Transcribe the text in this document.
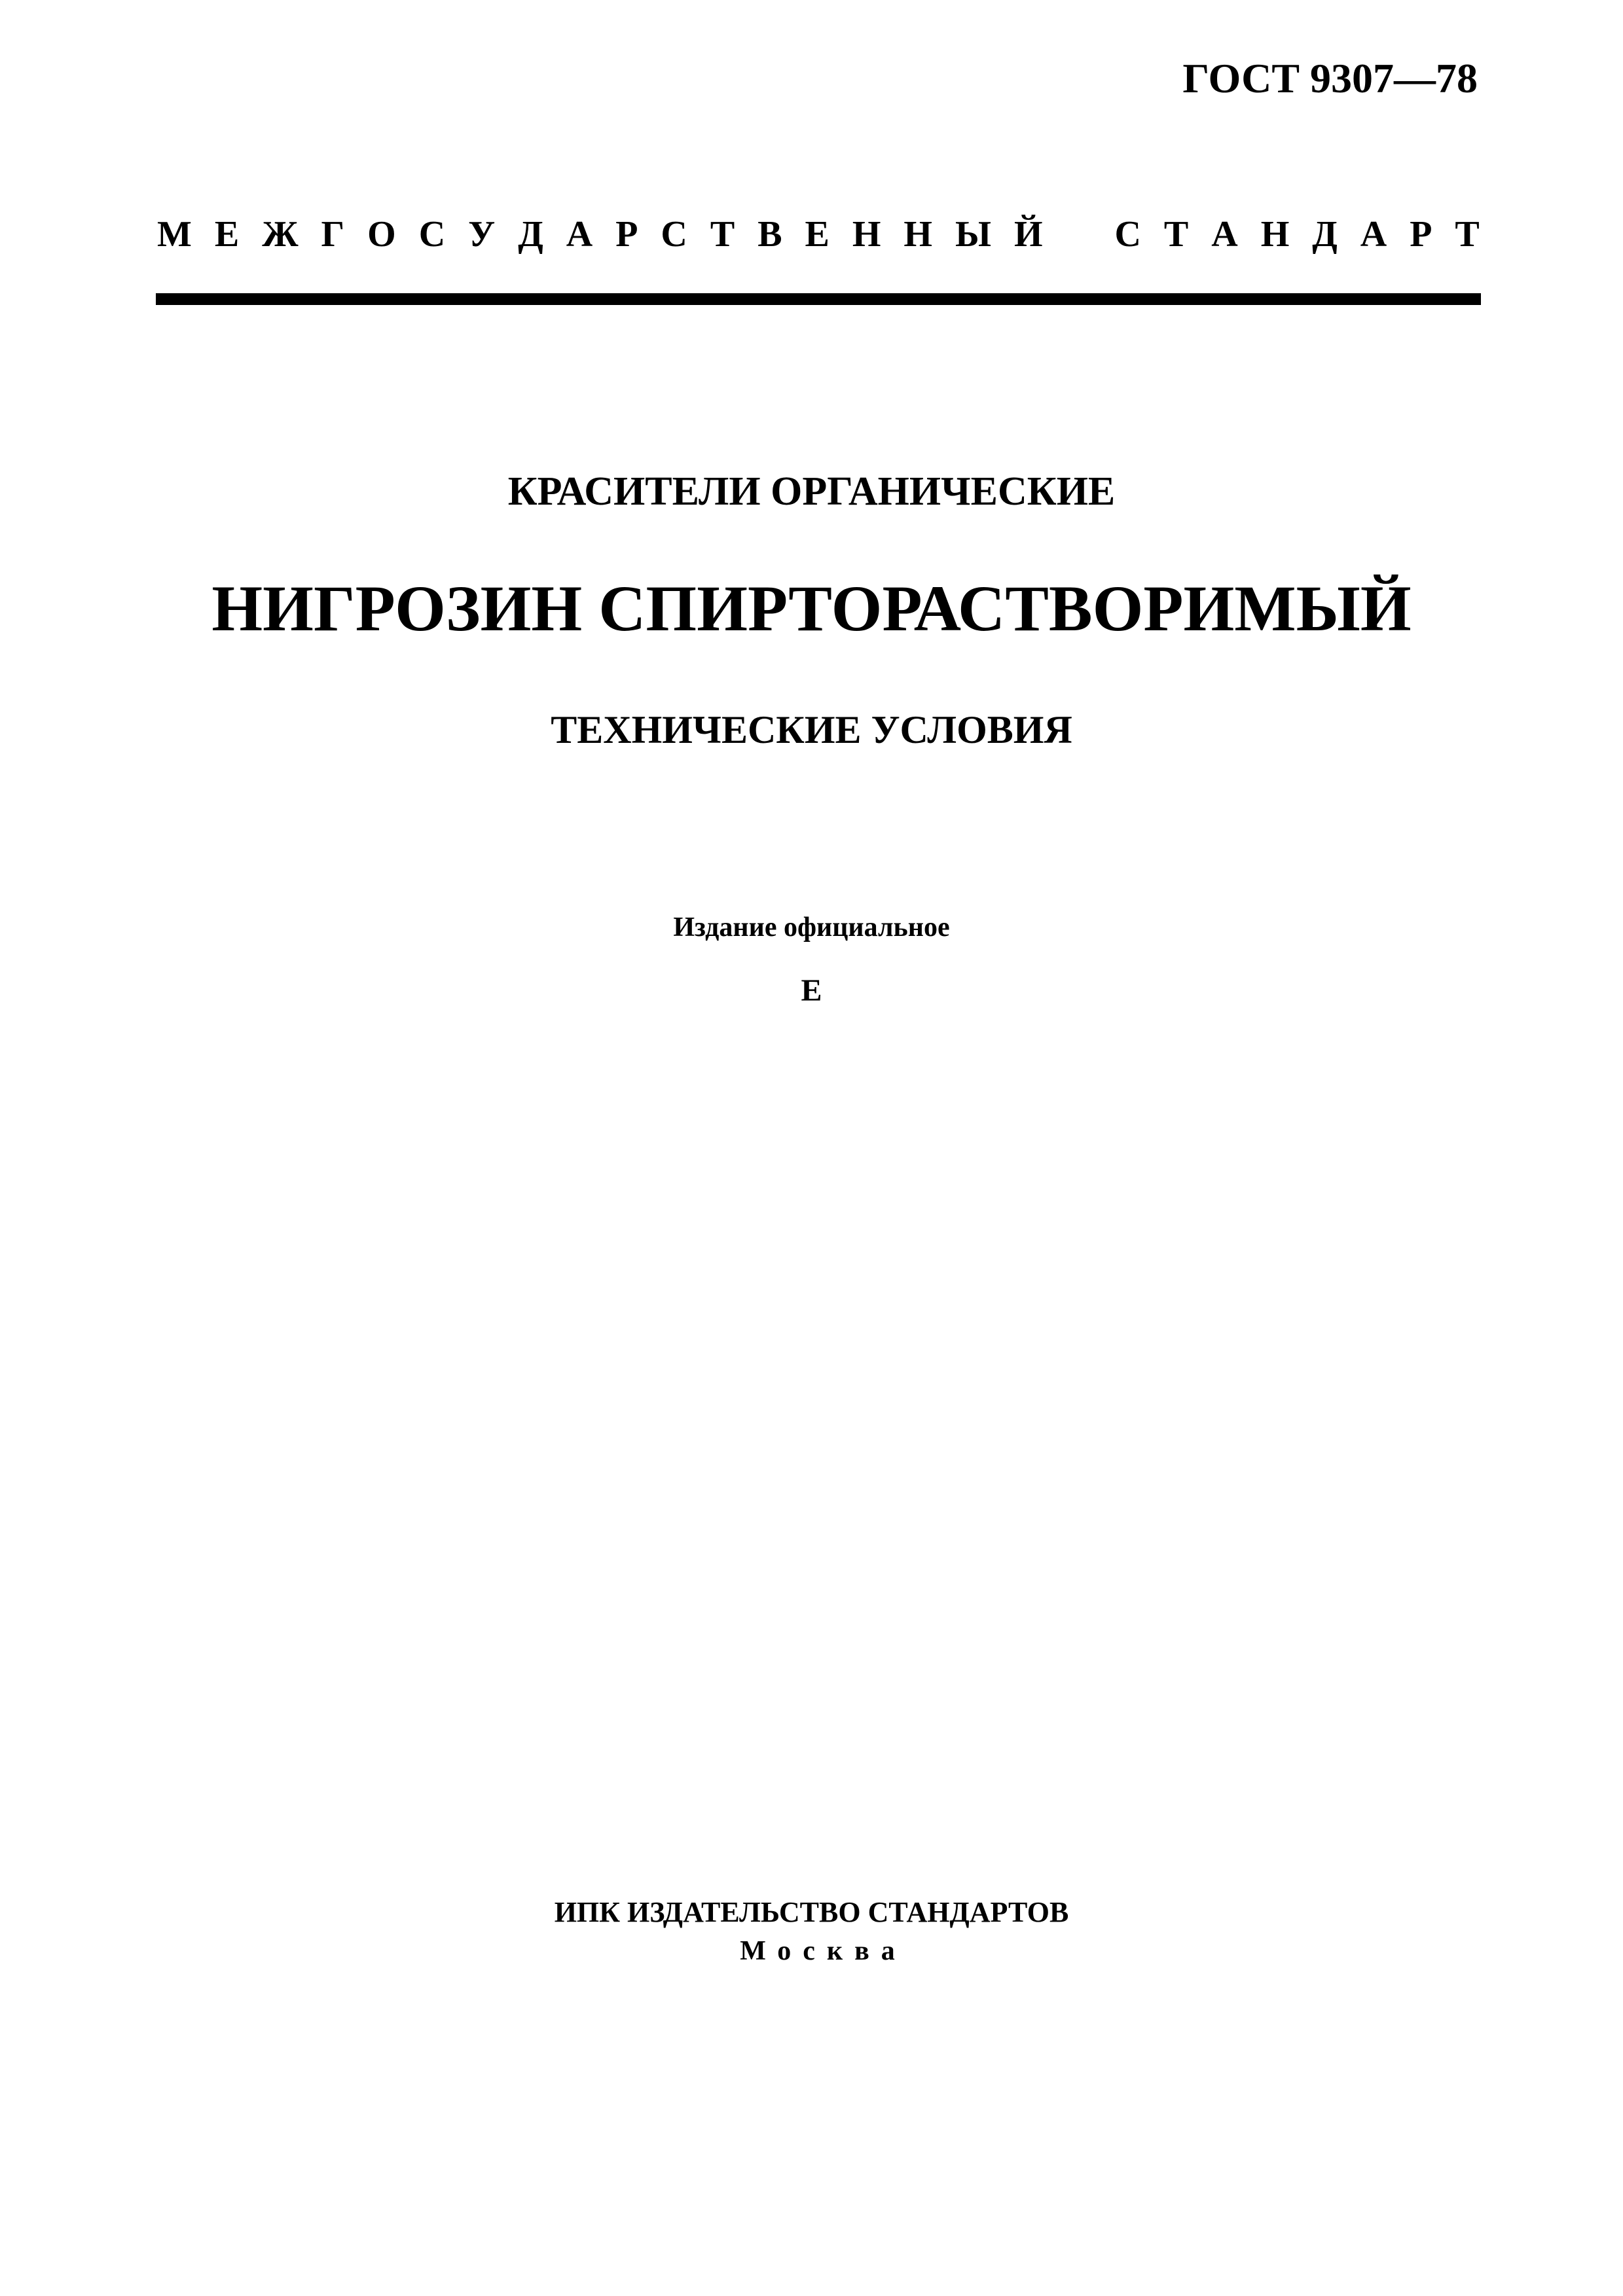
ГОСТ 9307—78
М Е Ж Г О С У Д А Р С Т В Е Н Н Ы Й С Т А Н Д А Р Т
КРАСИТЕЛИ ОРГАНИЧЕСКИЕ
НИГРОЗИН СПИРТОРАСТВОРИМЫЙ
ТЕХНИЧЕСКИЕ УСЛОВИЯ
Издание официальное
Е
ИПК ИЗДАТЕЛЬСТВО СТАНДАРТОВ
Москва
